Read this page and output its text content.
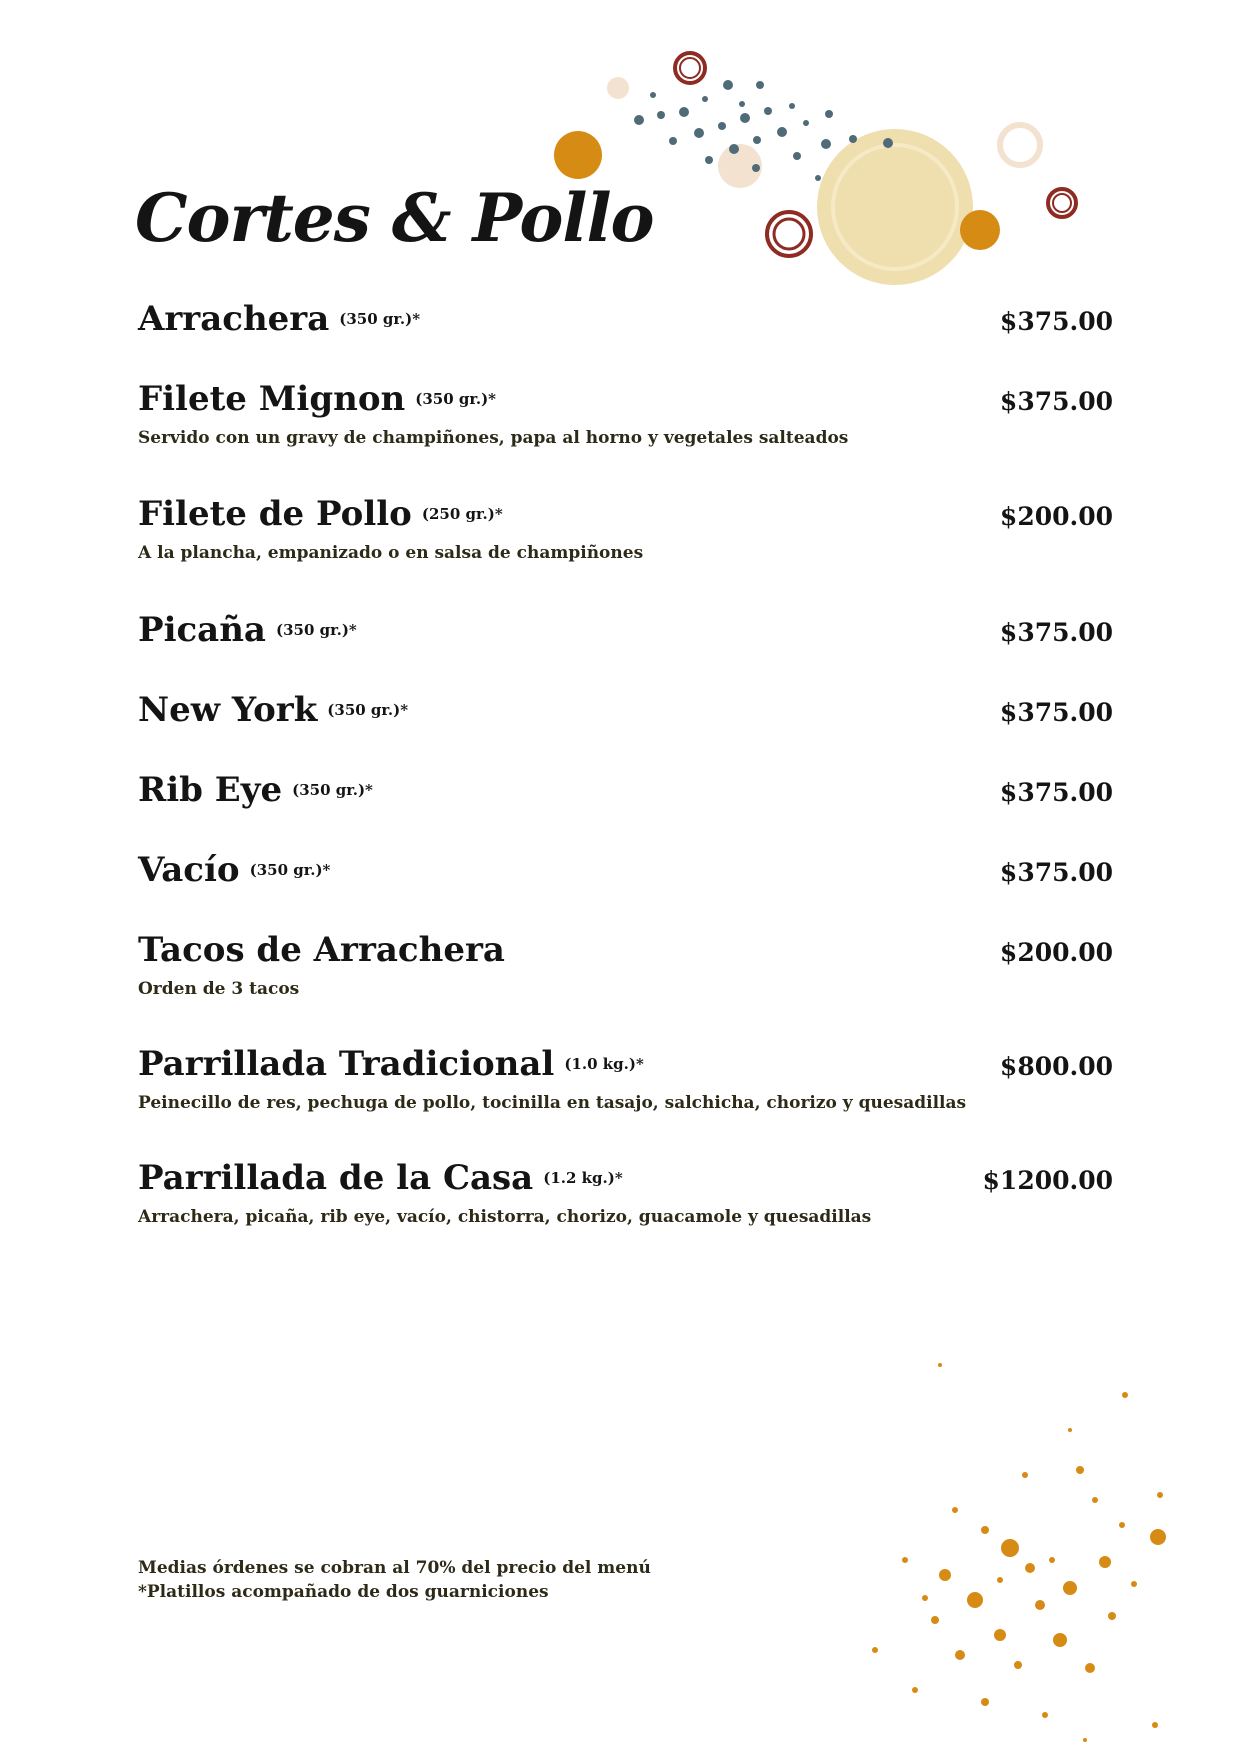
Cortes & Pollo
Arrachera (350 gr.)*	$375.00
Filete Mignon (350 gr.)*	$375.00
Servido con un gravy de champiñones, papa al horno y vegetales salteados
Filete de Pollo (250 gr.)*	$200.00
A la plancha, empanizado o en salsa de champiñones
Picaña (350 gr.)*	$375.00
New York (350 gr.)*	$375.00
Rib Eye (350 gr.)*	$375.00
Vacío (350 gr.)*	$375.00
Tacos de Arrachera	$200.00
Orden de 3 tacos
Parrillada Tradicional (1.0 kg.)*	$800.00
Peinecillo de res, pechuga de pollo, tocinilla en tasajo, salchicha, chorizo y quesadillas
Parrillada de la Casa (1.2 kg.)*	$1200.00
Arrachera, picaña, rib eye, vacío, chistorra, chorizo, guacamole y quesadillas
Medias órdenes se cobran al 70% del precio del menú
*Platillos acompañado de dos guarniciones
